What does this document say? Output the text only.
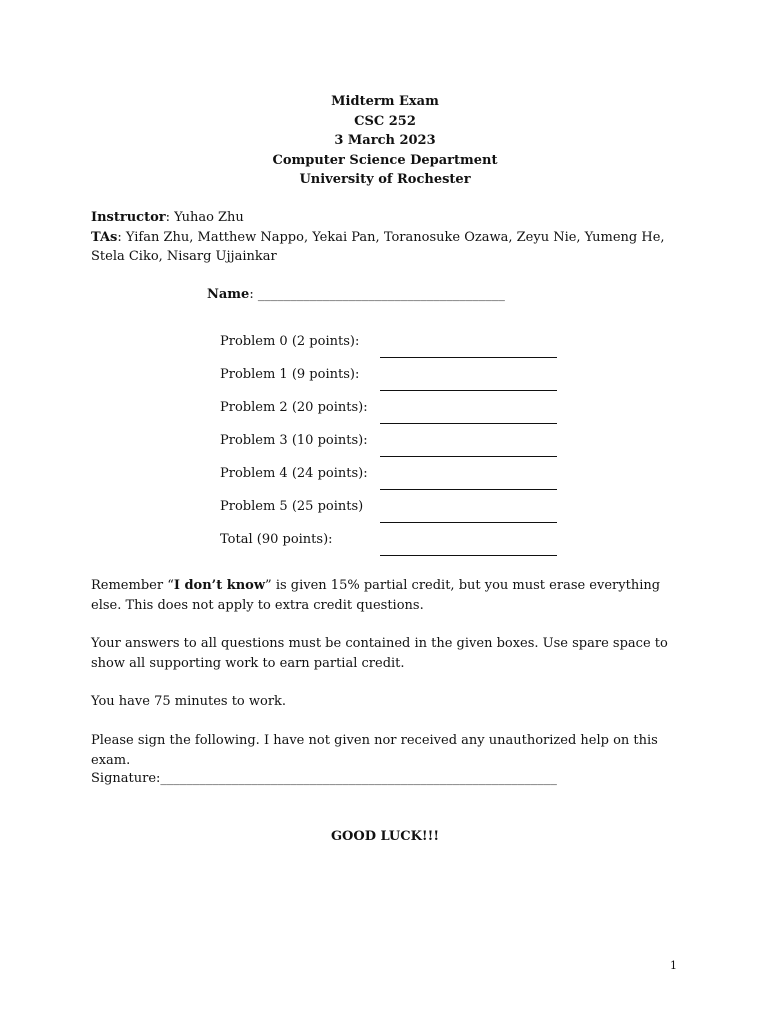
Midterm Exam
CSC 252
3 March 2023
Computer Science Department
University of Rochester
Instructor: Yuhao Zhu
TAs: Yifan Zhu, Matthew Nappo, Yekai Pan, Toranosuke Ozawa, Zeyu Nie, Yumeng He, Stela Ciko, Nisarg Ujjainkar
Name: ______________________________________
Problem 0 (2 points):
Problem 1 (9 points):
Problem 2 (20 points):
Problem 3 (10 points):
Problem 4 (24 points):
Problem 5 (25 points)
Total (90 points):
Remember “I don’t know” is given 15% partial credit, but you must erase everything else. This does not apply to extra credit questions.
Your answers to all questions must be contained in the given boxes. Use spare space to show all supporting work to earn partial credit.
You have 75 minutes to work.
Please sign the following. I have not given nor received any unauthorized help on this exam.
Signature:_____________________________________________________________
GOOD LUCK!!!
1
